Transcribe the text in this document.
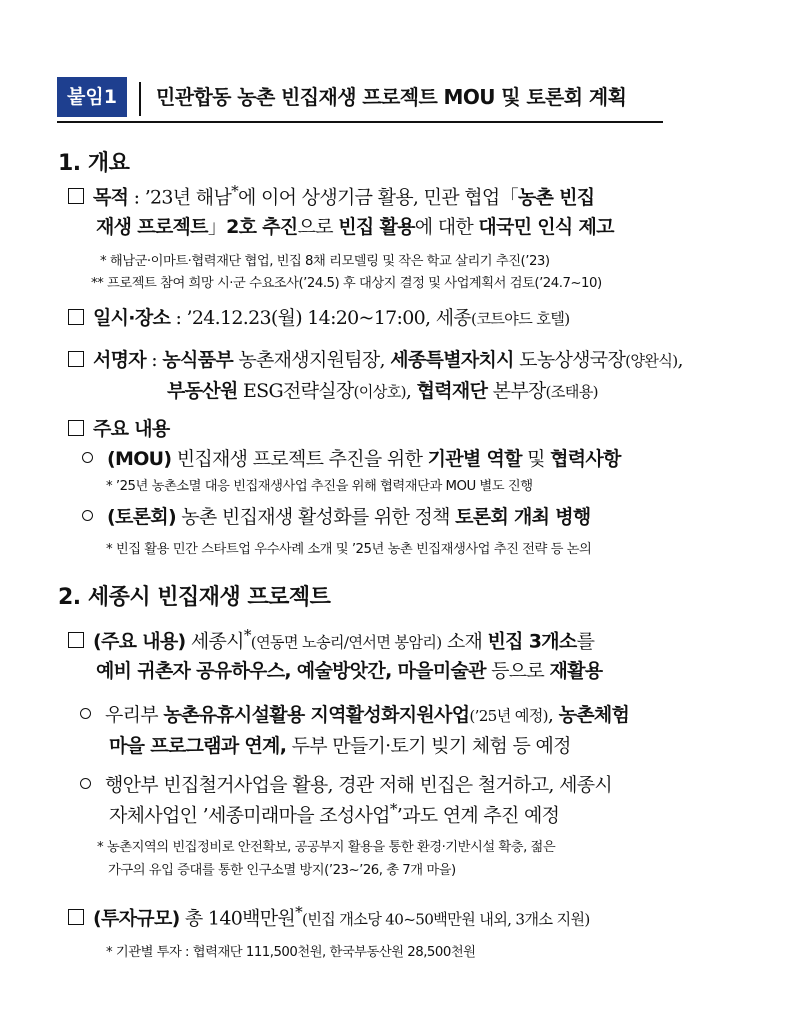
붙임1	민관합동 농촌 빈집재생 프로젝트 MOU 및 토론회 계획
1. 개요
목적 : ’23년 해남*에 이어 상생기금 활용, 민관 협업「농촌 빈집
재생 프로젝트」2호 추진으로 빈집 활용에 대한 대국민 인식 제고
* 해남군·이마트·협력재단 협업, 빈집 8채 리모델링 및 작은 학교 살리기 추진(’23)
** 프로젝트 참여 희망 시·군 수요조사(’24.5) 후 대상지 결정 및 사업계획서 검토(’24.7~10)
일시·장소 : ’24.12.23(월) 14:20~17:00, 세종(코트야드 호텔)
서명자 : 농식품부 농촌재생지원팀장, 세종특별자치시 도농상생국장(양완식),
부동산원 ESG전략실장(이상호), 협력재단 본부장(조태용)
주요 내용
(MOU) 빈집재생 프로젝트 추진을 위한 기관별 역할 및 협력사항
* ’25년 농촌소멸 대응 빈집재생사업 추진을 위해 협력재단과 MOU 별도 진행
(토론회) 농촌 빈집재생 활성화를 위한 정책 토론회 개최 병행
* 빈집 활용 민간 스타트업 우수사례 소개 및 ’25년 농촌 빈집재생사업 추진 전략 등 논의
2. 세종시 빈집재생 프로젝트
(주요 내용) 세종시*(연동면 노송리/연서면 봉암리) 소재 빈집 3개소를
예비 귀촌자 공유하우스, 예술방앗간, 마을미술관 등으로 재활용
우리부 농촌유휴시설활용 지역활성화지원사업(’25년 예정), 농촌체험
마을 프로그램과 연계, 두부 만들기·토기 빚기 체험 등 예정
행안부 빈집철거사업을 활용, 경관 저해 빈집은 철거하고, 세종시
자체사업인 ’세종미래마을 조성사업*’과도 연계 추진 예정
* 농촌지역의 빈집정비로 안전확보, 공공부지 활용을 통한 환경·기반시설 확충, 젊은
가구의 유입 증대를 통한 인구소멸 방지(’23~’26, 총 7개 마을)
(투자규모) 총 140백만원*(빈집 개소당 40~50백만원 내외, 3개소 지원)
* 기관별 투자 : 협력재단 111,500천원, 한국부동산원 28,500천원
